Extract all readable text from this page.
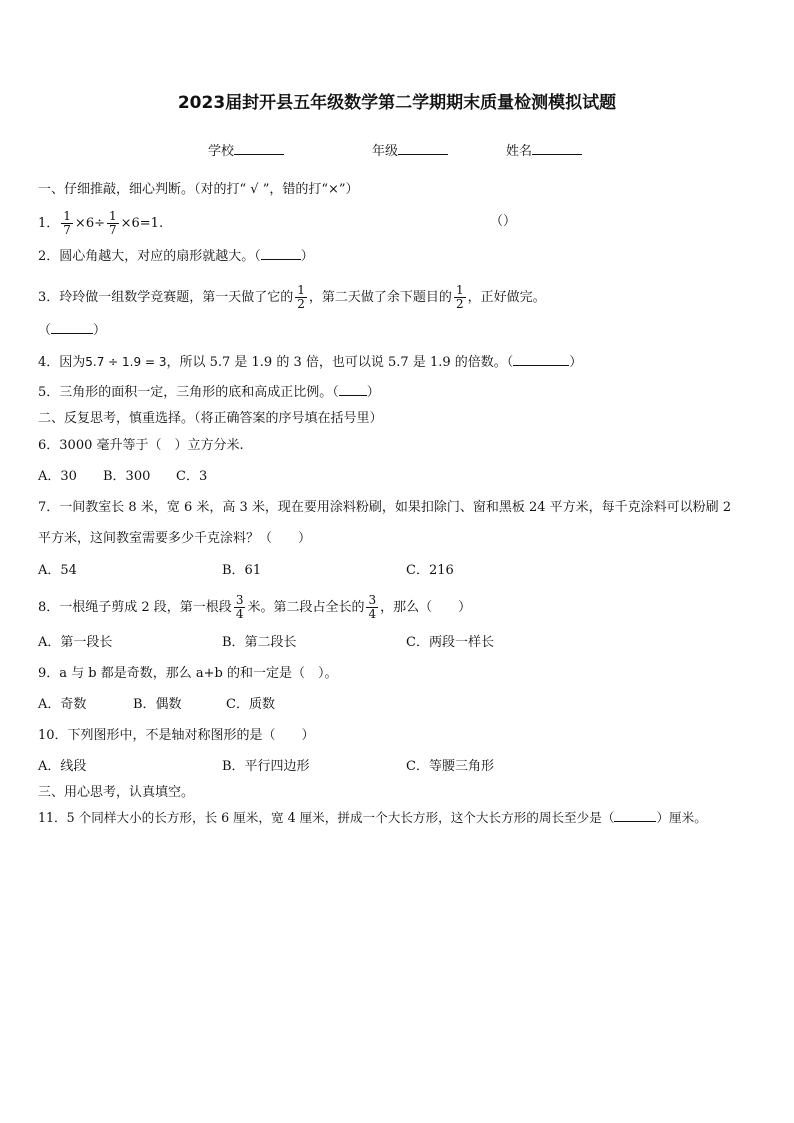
2023届封开县五年级数学第二学期期末质量检测模拟试题
学校	年级	姓名
一、仔细推敲，细心判断。（对的打“ √ ”，错的打“×”）
1． $\frac{1}{7} \times 6\div \frac{1}{7} \times 6=1$.	（）
2．圆心角越大，对应的扇形就越大。（	）
3．玲玲做一组数学竞赛题，第一天做了它的 $\frac{1}{2}$ ，第二天做了余下题目的 $\frac{1}{2}$ ，正好做完。
（	）
4．因为5.7 ÷ 1.9 = 3，所以 5.7 是 1.9 的 3 倍，也可以说 5.7 是 1.9 的倍数。（	）
5．三角形的面积一定，三角形的底和高成正比例。（ ）
二、反复思考，慎重选择。（将正确答案的序号填在括号里）
6．3000 毫升等于（　）立方分米.
A．30 B．300 C．3
7．一间教室长 8 米，宽 6 米，高 3 米，现在要用涂料粉刷，如果扣除门、窗和黑板 24 平方米，每千克涂料可以粉刷 2
平方米，这间教室需要多少千克涂料？（　　）
A．54	B．61	C．216
8．一根绳子剪成 2 段，第一根段 $\frac{3}{4}$ 米。第二段占全长的 $\frac{3}{4}$ ，那么（　　）
A．第一段长	B．第二段长	C．两段一样长
9．a 与 b 都是奇数，那么 a+b 的和一定是（　）。
A．奇数	B．偶数	C．质数
10．下列图形中，不是轴对称图形的是（　　）
A．线段	B．平行四边形	C．等腰三角形
三、用心思考，认真填空。
11．5 个同样大小的长方形，长 6 厘米，宽 4 厘米，拼成一个大长方形，这个大长方形的周长至少是（	）厘米。
